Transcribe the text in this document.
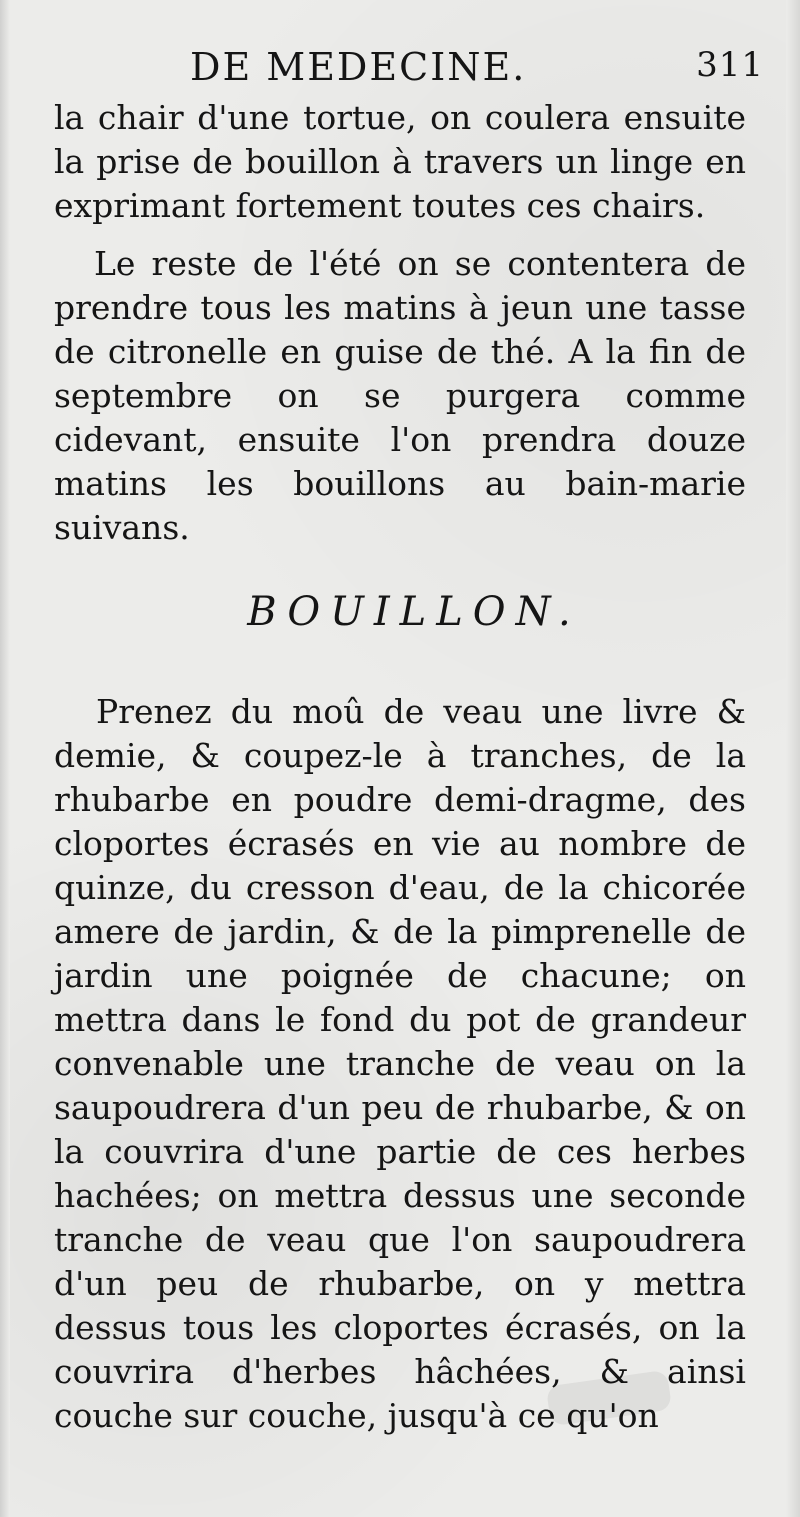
DE MEDECINE.	311

la chair d'une tortue, on coulera ensuite la prise de bouillon à travers un linge en exprimant fortement toutes ces chairs.

Le reste de l'été on se contentera de prendre tous les matins à jeun une tasse de citronelle en guise de thé. A la fin de septembre on se purgera comme cidevant, ensuite l'on prendra douze matins les bouillons au bain-marie suivans.

BOUILLON.

Prenez du moû de veau une livre & demie, & coupez-le à tranches, de la rhubarbe en poudre demi-dragme, des cloportes écrasés en vie au nombre de quinze, du cresson d'eau, de la chicorée amere de jardin, & de la pimprenelle de jardin une poignée de chacune; on mettra dans le fond du pot de grandeur convenable une tranche de veau on la saupoudrera d'un peu de rhubarbe, & on la couvrira d'une partie de ces herbes hachées; on mettra dessus une seconde tranche de veau que l'on saupoudrera d'un peu de rhubarbe, on y mettra dessus tous les cloportes écrasés, on la couvrira d'herbes hâchées, & ainsi couche sur couche, jusqu'à ce qu'on
